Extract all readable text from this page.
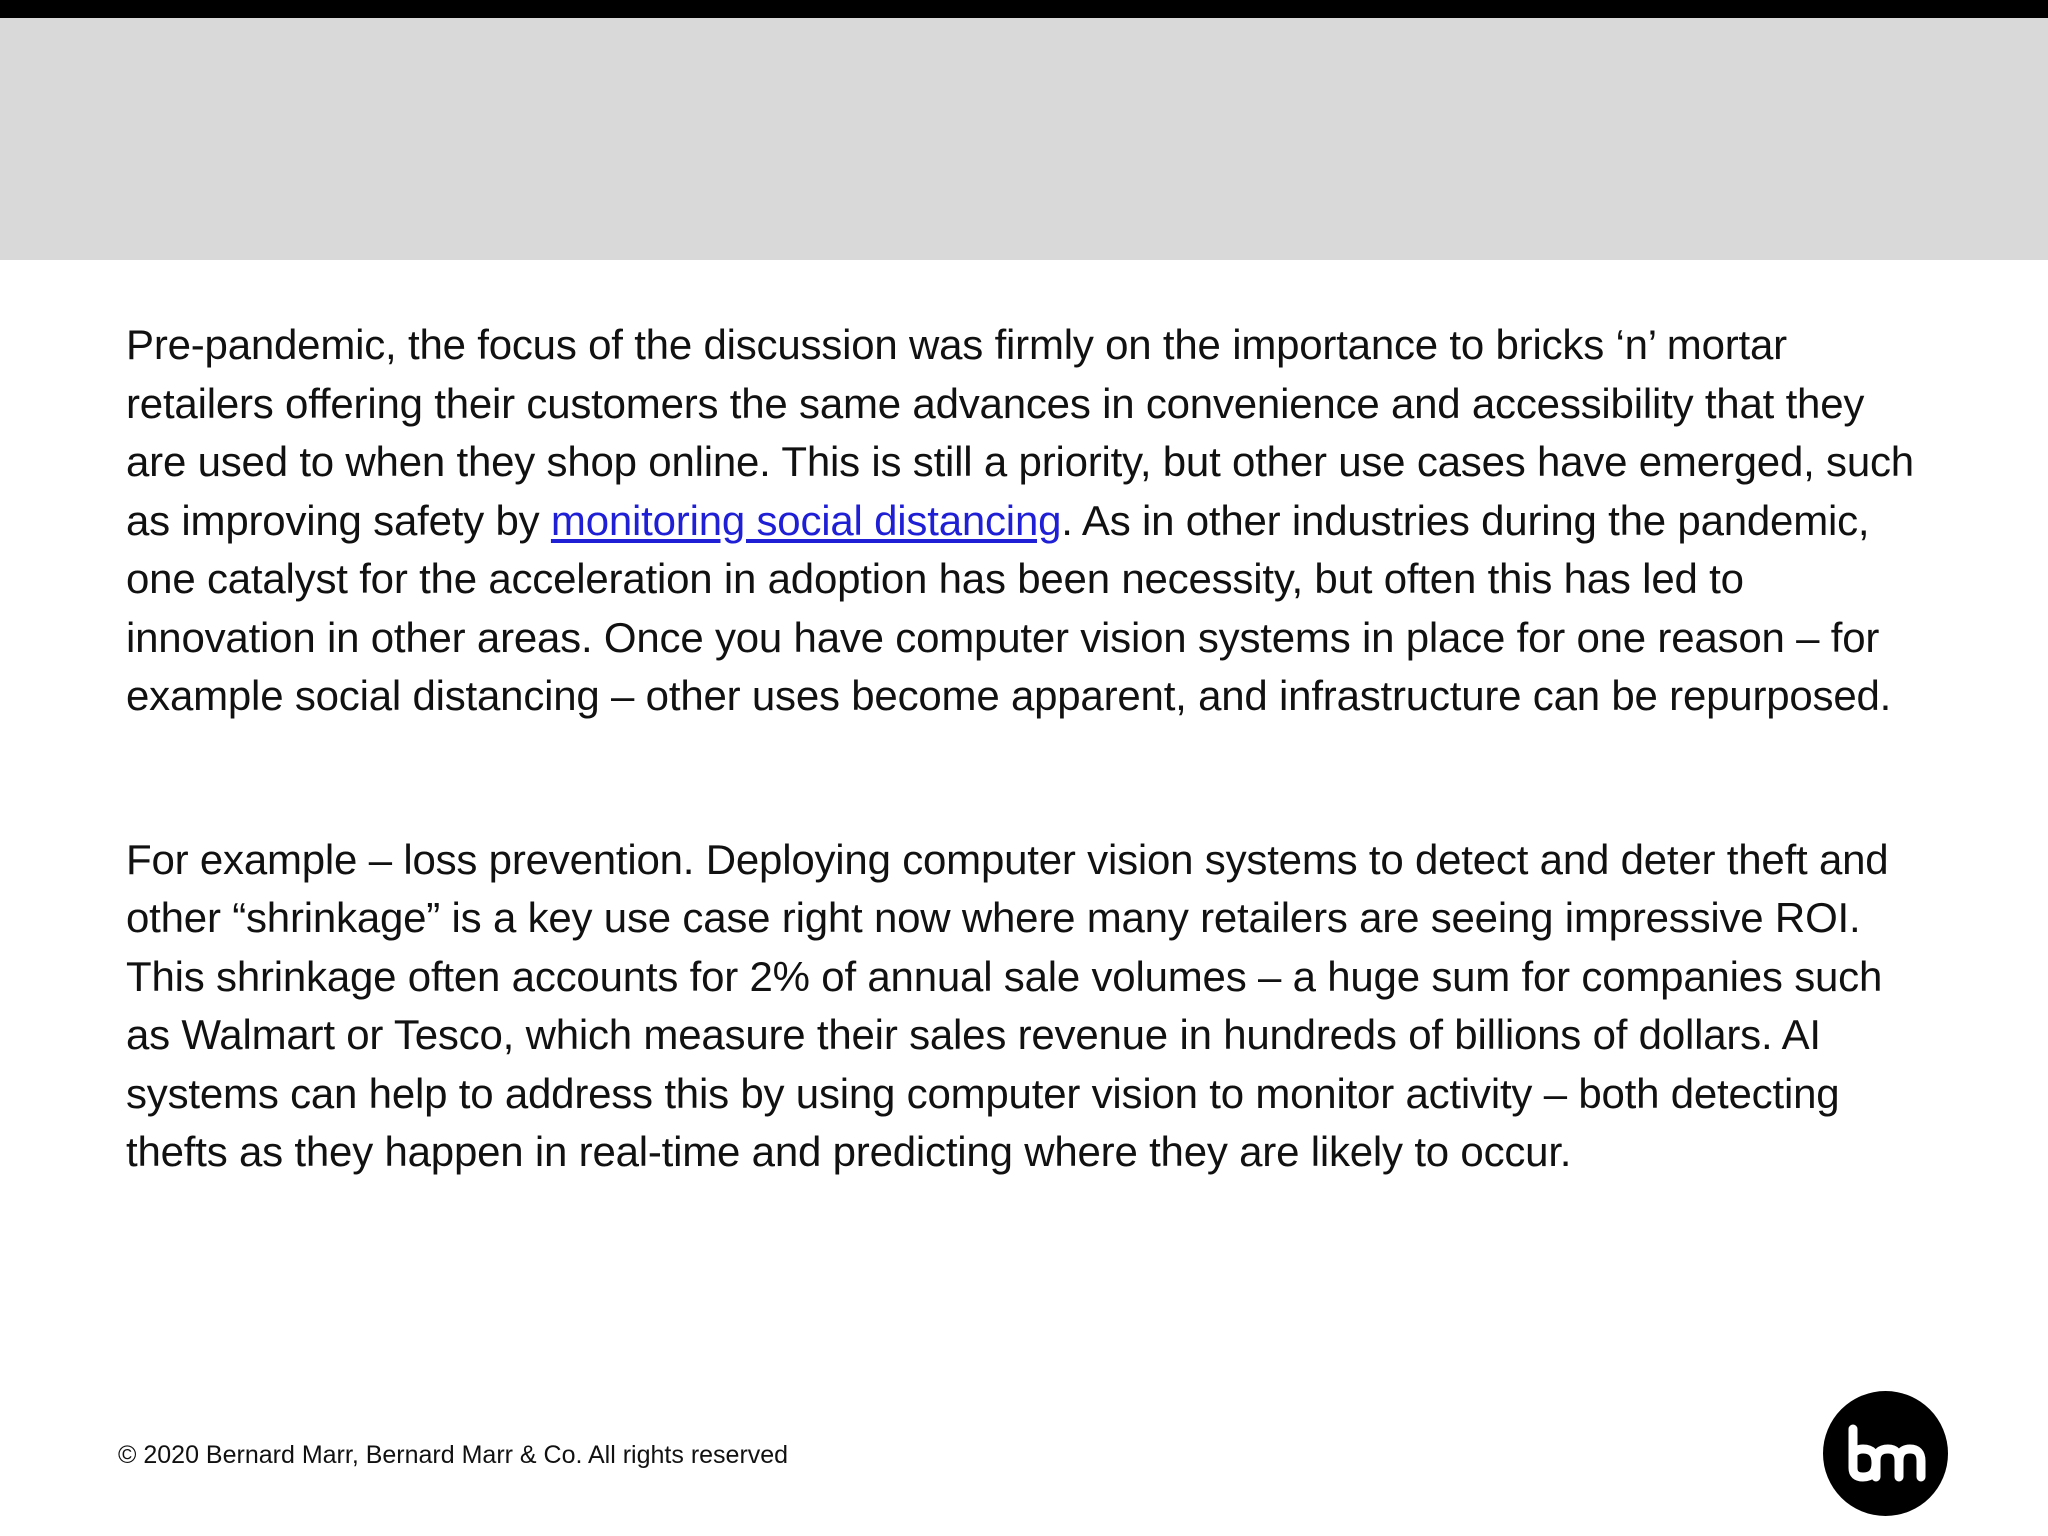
Pre-pandemic, the focus of the discussion was firmly on the importance to bricks ‘n’ mortar retailers offering their customers the same advances in convenience and accessibility that they are used to when they shop online. This is still a priority, but other use cases have emerged, such as improving safety by monitoring social distancing. As in other industries during the pandemic, one catalyst for the acceleration in adoption has been necessity, but often this has led to innovation in other areas. Once you have computer vision systems in place for one reason – for example social distancing – other uses become apparent, and infrastructure can be repurposed.

For example – loss prevention. Deploying computer vision systems to detect and deter theft and other “shrinkage” is a key use case right now where many retailers are seeing impressive ROI. This shrinkage often accounts for 2% of annual sale volumes – a huge sum for companies such as Walmart or Tesco, which measure their sales revenue in hundreds of billions of dollars. AI systems can help to address this by using computer vision to monitor activity – both detecting thefts as they happen in real-time and predicting where they are likely to occur.

© 2020 Bernard Marr, Bernard Marr & Co. All rights reserved
